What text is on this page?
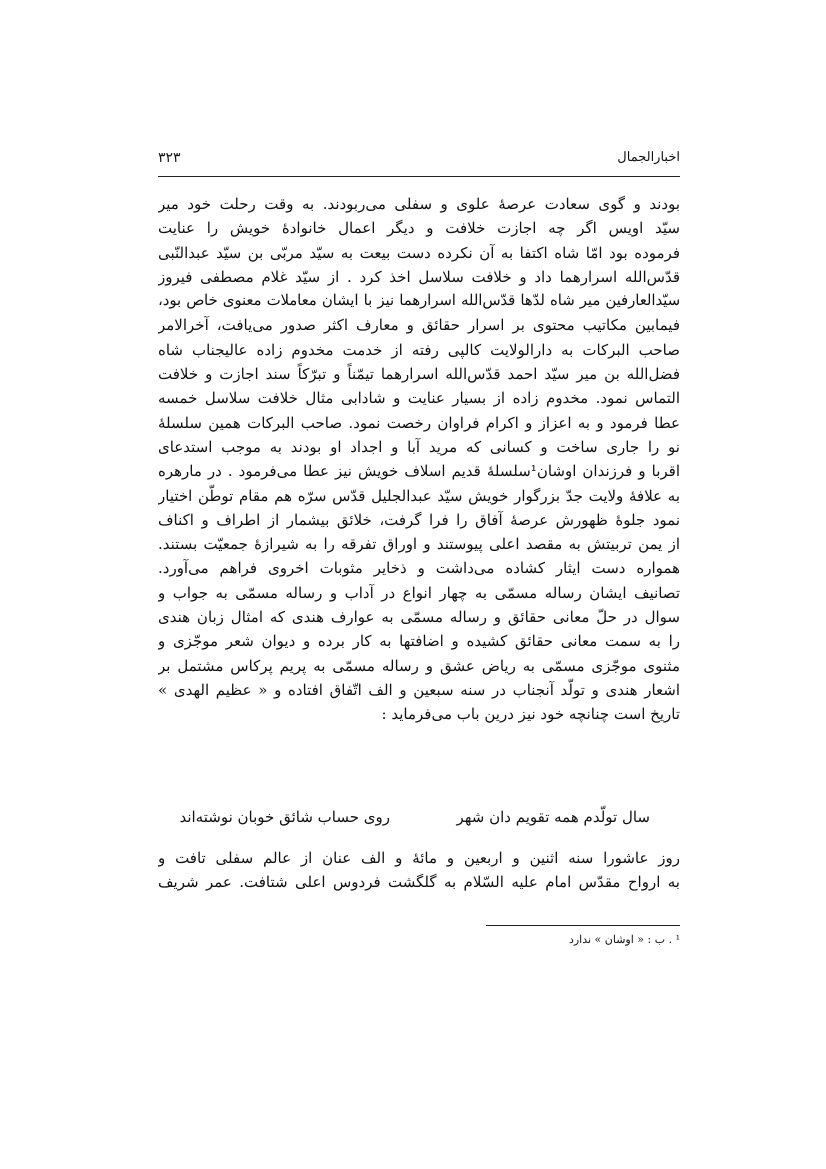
اخبارالجمال
۳۲۳
بودند و گوی سعادت عرصهٔ علوی و سفلی می‌ربودند. به وقت رحلت خود میر
سیّد اویس اگر چه اجازت خلافت و دیگر اعمال خانوادهٔ خویش را عنایت
فرموده بود امّا شاه اکتفا به آن نکرده دست بیعت به سیّد مربّی بن سیّد عبدالنّبی
قدّس‌الله اسرارهما داد و خلافت سلاسل اخذ کرد . از سیّد غلام مصطفی فیروز
سیّدالعارفین میر شاه لدّها قدّس‌الله اسرارهما نیز با ایشان معاملات معنوی خاص بود،
فیمابین مکاتیب محتوی بر اسرار حقائق و معارف اکثر صدور می‌یافت، آخرالامر
صاحب البرکات به دارالولایت کالپی رفته از خدمت مخدوم زاده عالیجناب شاه
فضل‌الله بن میر سیّد احمد قدّس‌الله اسرارهما تیمّناً و تبرّکاً سند اجازت و خلافت
التماس نمود. مخدوم زاده از بسیار عنایت و شادابی مثال خلافت سلاسل خمسه
عطا فرمود و به اعزاز و اکرام فراوان رخصت نمود. صاحب البرکات همین سلسلهٔ
نو را جاری ساخت و کسانی که مرید آبا و اجداد او بودند به موجب استدعای
اقربا و فرزندان اوشان¹سلسلهٔ قدیم اسلاف خویش نیز عطا می‌فرمود . در مارهره
به علافهٔ ولایت جدّ بزرگوار خویش سیّد عبدالجلیل قدّس سرّه هم مقام توطّن اختیار
نمود جلوهٔ ظهورش عرصهٔ آفاق را فرا گرفت، خلائق بیشمار از اطراف و اکناف
از یمن تربیتش به مقصد اعلی پیوستند و اوراق تفرقه را به شیرازهٔ جمعیّت بستند.
همواره دست ایثار کشاده می‌داشت و ذخایر مثوبات اخروی فراهم می‌آورد.
تصانیف ایشان رساله مسمّی به چهار انواع در آداب و رساله مسمّی به جواب و
سوال در حلّ معانی حقائق و رساله مسمّی به عوارف هندی که امثال زبان هندی
را به سمت معانی حقائق کشیده و اضافتها به کار برده و دیوان شعر موجّزی و
مثنوی موجّزی مسمّی به ریاض عشق و رساله مسمّی به پریم پرکاس مشتمل بر
اشعار هندی و تولّد آنجناب در سنه سبعین و الف اتّفاق افتاده و « عظیم الهدی »
تاریخ است چنانچه خود نیز درین باب می‌فرماید :
سال تولّدم همه تقویم دان شهر
روی حساب شائق خوبان نوشته‌اند
روز عاشورا سنه اثنین و اربعین و مائهٔ و الف عنان از عالم سفلی تافت و
به ارواح مقدّس امام علیه السّلام به گلگشت فردوس اعلی شتافت. عمر شریف
¹ . ب : « اوشان » ندارد
